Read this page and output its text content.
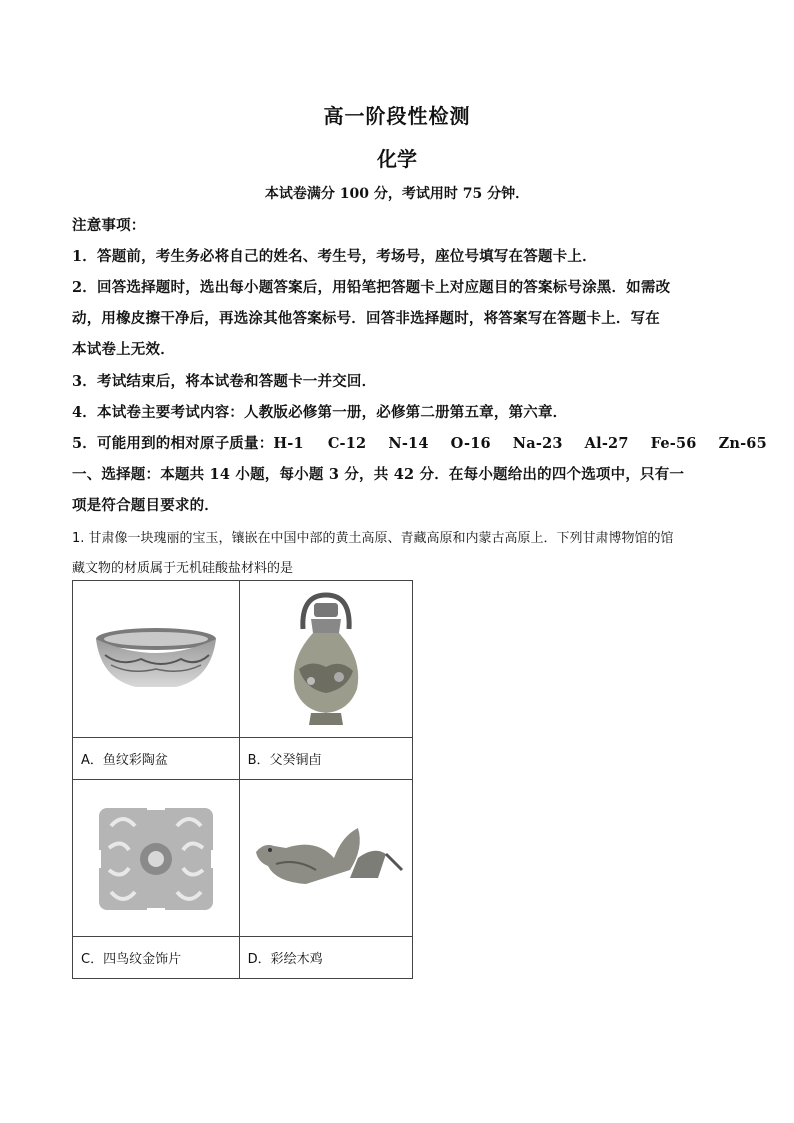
高一阶段性检测
化学
本试卷满分 100 分，考试用时 75 分钟．
注意事项：
1．答题前，考生务必将自己的姓名、考生号，考场号，座位号填写在答题卡上．
2．回答选择题时，选出每小题答案后，用铅笔把答题卡上对应题目的答案标号涂黑．如需改
动，用橡皮擦干净后，再选涂其他答案标号．回答非选择题时，将答案写在答题卡上．写在
本试卷上无效．
3．考试结束后，将本试卷和答题卡一并交回．
4．本试卷主要考试内容：人教版必修第一册，必修第二册第五章，第六章．
5．可能用到的相对原子质量：H-1 C-12 N-14 O-16 Na-23 Al-27 Fe-56 Zn-65
一、选择题：本题共 14 小题，每小题 3 分，共 42 分．在每小题给出的四个选项中，只有一
项是符合题目要求的．
1. 甘肃像一块瑰丽的宝玉，镶嵌在中国中部的黄土高原、青藏高原和内蒙古高原上．下列甘肃博物馆的馆
藏文物的材质属于无机硅酸盐材料的是

A．鱼纹彩陶盆	B．父癸铜卣

C．四鸟纹金饰片	D．彩绘木鸡
